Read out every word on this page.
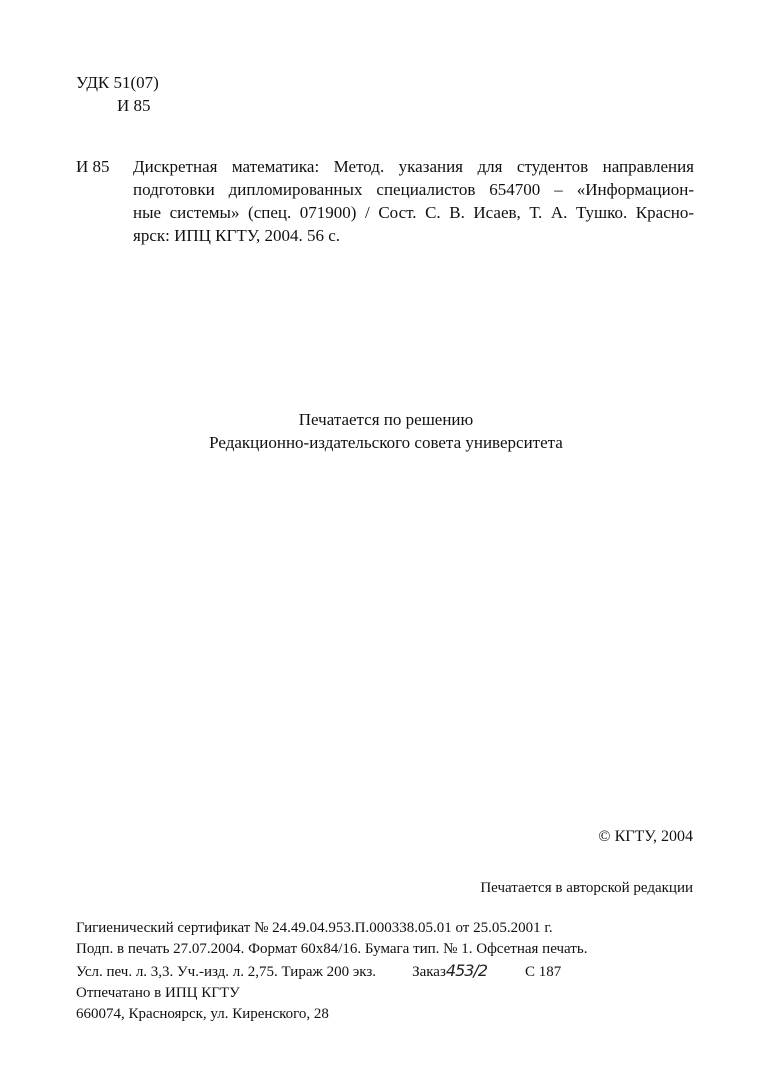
УДК 51(07)
И 85
И 85 Дискретная математика: Метод. указания для студентов направления
подготовки дипломированных специалистов 654700 – «Информацион-
ные системы» (спец. 071900) / Сост. С. В. Исаев, Т. А. Тушко. Красно-
ярск: ИПЦ КГТУ, 2004. 56 с.
Печатается по решению
Редакционно-издательского совета университета
© КГТУ, 2004
Печатается в авторской редакции
Гигиенический сертификат № 24.49.04.953.П.000338.05.01 от 25.05.2001 г.
Подп. в печать 27.07.2004. Формат 60х84/16. Бумага тип. № 1. Офсетная печать.
Усл. печ. л. 3,3. Уч.-изд. л. 2,75. Тираж 200 экз. Заказ453/2	С 187
Отпечатано в ИПЦ КГТУ
660074, Красноярск, ул. Киренского, 28
